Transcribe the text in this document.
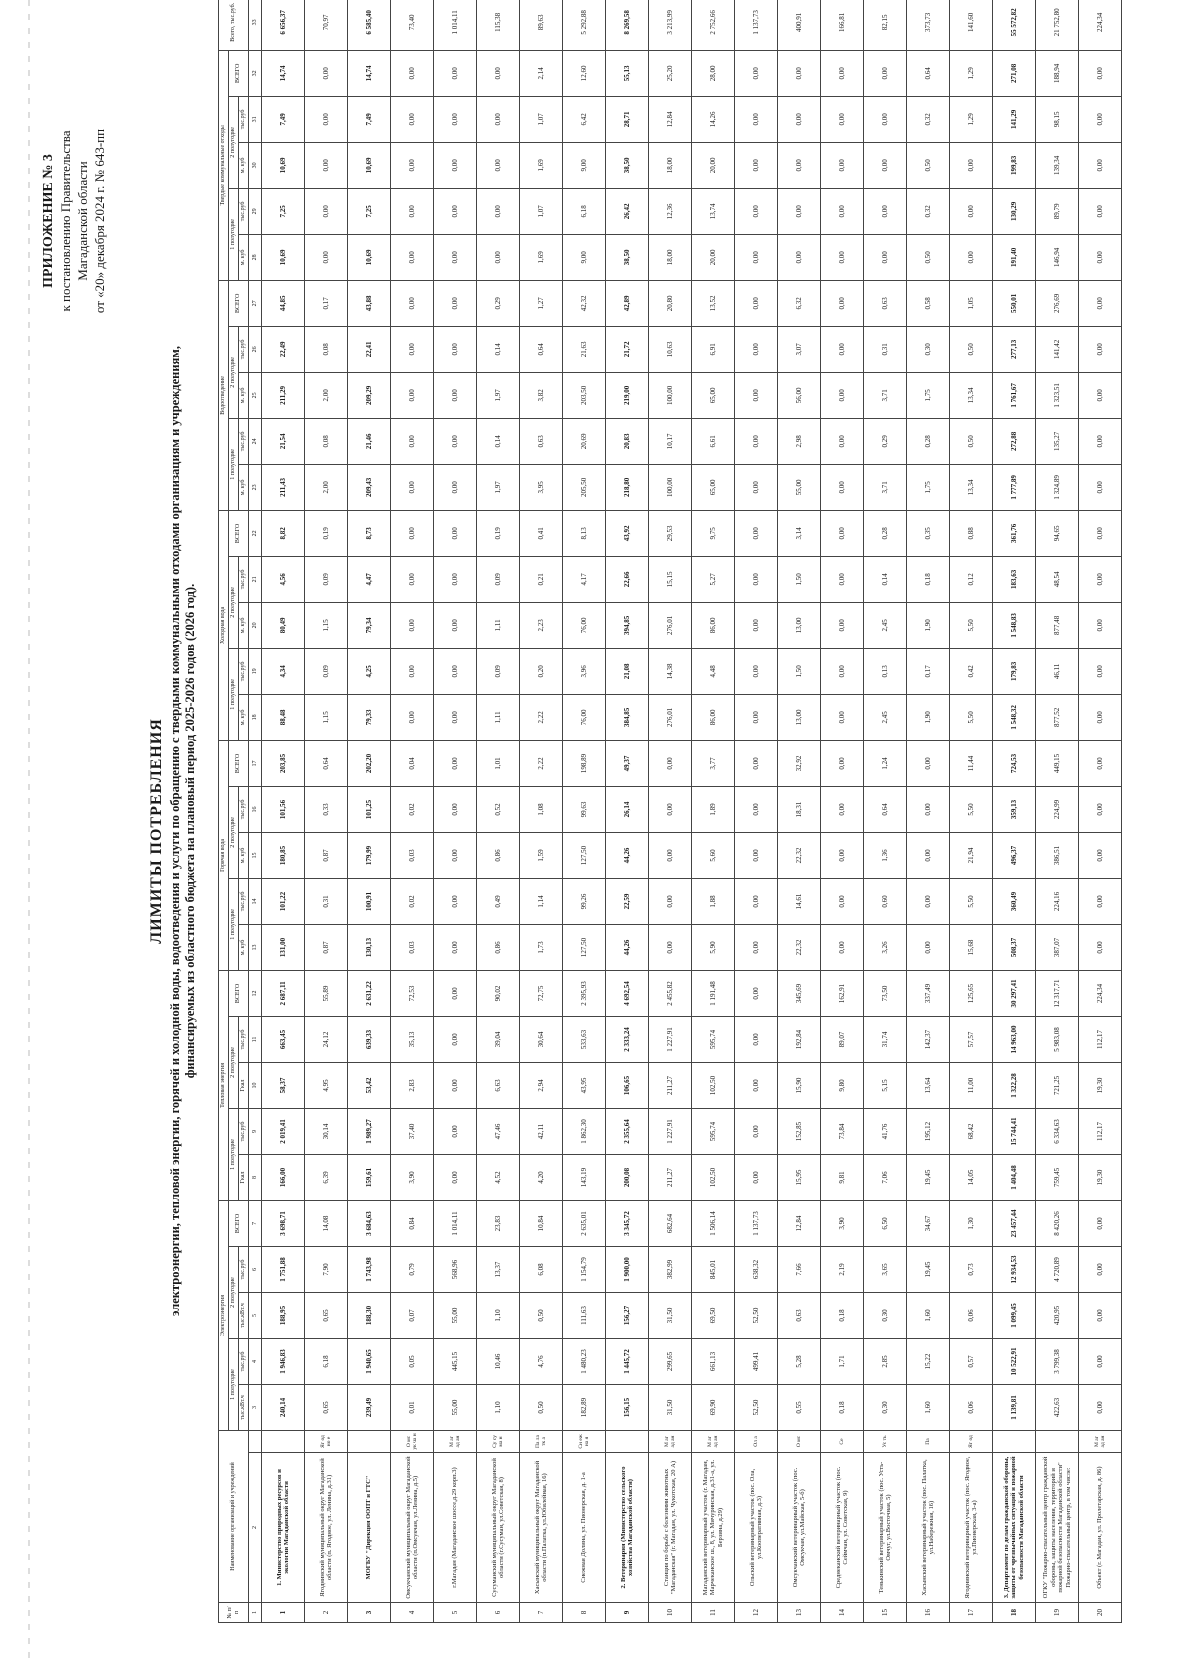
ПРИЛОЖЕНИЕ № 3 к постановлению Правительства Магаданской области от «20» декабря 2024 г. № 643-пп
ЛИМИТЫ ПОТРЕБЛЕНИЯ электроэнергии, тепловой энергии, горячей и холодной воды, водоотведения и услуги по обращению с твердыми коммунальными отходами организациям и учреждениям, финансируемых из областного бюджета на плановый период 2025-2026 годов (2026 год).
№ п/п	Наименование организаций и учреждений		Электроэнергия					Тепловая энергия					Горячая вода					Холодная вода					Водоотведение					Твердые коммунальные отходы					Всего, тыс.руб.
			1 полугодие		2 полугодие		ВСЕГО	1 полугодие		2 полугодие		ВСЕГО	1 полугодие		2 полугодие		ВСЕГО	1 полугодие		2 полугодие		ВСЕГО	1 полугодие		2 полугодие		ВСЕГО	1 полугодие		2 полугодие		ВСЕГО	
			тыс.кВт.ч	тыс.руб	тыс.кВт.ч	тыс.руб		Гкал	тыс.руб	Гкал	тыс.руб		м. куб	тыс.руб	м. куб	тыс.руб		м. куб	тыс.руб	м. куб	тыс.руб		м. куб	тыс.руб	м. куб	тыс.руб		м. куб	тыс.руб	м. куб	тыс.руб		
1	2		3	4	5	6	7	8	9	10	11	12	13	14	15	16	17	18	19	20	21	22	23	24	25	26	27	28	29	30	31	32	33
1	1. Министерство природных ресурсов и экологии Магаданской области		240,14	1 946,83	188,95	1 751,88	3 698,71	166,00	2 019,41	58,37	663,45	2 687,11	131,00	101,22	180,85	101,56	203,85	88,48	4,34	80,49	4,56	8,82	211,43	21,54	211,29	22,49	44,85	10,69	7,25	10,69	7,49	14,74	6 656,37
2	Ягоднинский муниципальный округ Магаданской области (п. Ягодное, ул. Ленина, д.31)	Яг од но е	0,65	6,18	0,65	7,90	14,08	6,39	30,14	4,95	24,12	55,89	0,87	0,31	0,87	0,33	0,64	1,15	0,09	1,15	0,09	0,19	2,00	0,08	2,00	0,08	0,17	0,00	0,00	0,00	0,00	0,00	70,97
3	МОГБУ "Дирекция ООПТ и ГТС"		239,49	1 940,65	188,30	1 743,98	3 684,63	159,61	1 989,27	53,42	639,33	2 631,22	130,13	100,91	179,99	101,25	202,20	79,33	4,25	79,34	4,47	8,73	209,43	21,46	209,29	22,41	43,88	10,69	7,25	10,69	7,49	14,74	6 585,40
4	Омсукчанский муниципальный округ Магаданской области (п.Омсукчан, ул.Ленина, д.5)	О мс ук ча н	0,01	0,05	0,07	0,79	0,84	3,90	37,40	2,83	35,13	72,53	0,03	0,02	0,03	0,02	0,04	0,00	0,00	0,00	0,00	0,00	0,00	0,00	0,00	0,00	0,00	0,00	0,00	0,00	0,00	0,00	73,40
5	г.Магадан (Магаданское шоссе,д.29 корп.3)	М аг ад ан	55,00	445,15	55,00	568,96	1 014,11	0,00	0,00	0,00	0,00	0,00	0,00	0,00	0,00	0,00	0,00	0,00	0,00	0,00	0,00	0,00	0,00	0,00	0,00	0,00	0,00	0,00	0,00	0,00	0,00	0,00	1 014,11
6	Сусуманский муниципальный округ Магаданской области (г.Сусуман, ул.Советская, 8)	Су су ма н	1,10	10,46	1,10	13,37	23,83	4,52	47,46	6,63	39,04	90,02	0,86	0,49	0,86	0,52	1,01	1,11	0,09	1,11	0,09	0,19	1,97	0,14	1,97	0,14	0,29	0,00	0,00	0,00	0,00	0,00	115,38
7	Хасынский муниципальный округ Магаданской области (п.Палатка, ул.Юбилейная, 16)	Па ла тк а	0,50	4,76	0,50	6,08	10,84	4,20	42,11	2,94	30,64	72,75	1,73	1,14	1,59	1,08	2,22	2,22	0,20	2,23	0,21	0,41	3,95	0,63	3,82	0,64	1,27	1,69	1,07	1,69	1,07	2,14	89,63
8	Снежная Долина, ул. Пионерская, д. 1-а	Сн еж на я	182,89	1 480,23	111,63	1 154,79	2 635,01	143,19	1 862,30	43,95	533,63	2 395,93	127,50	99,26	127,50	99,63	198,89	76,00	3,96	76,00	4,17	8,13	205,50	20,69	203,50	21,63	42,32	9,00	6,18	9,00	6,42	12,60	5 292,88
9	2. Ветеринария (Министерство сельского хозяйства Магаданской области)		156,15	1 445,72	156,27	1 900,00	3 345,72	200,08	2 355,64	106,65	2 333,24	4 692,54	44,26	22,59	44,26	26,14	49,37	384,85	21,08	394,85	22,66	43,92	218,80	20,83	219,00	21,72	42,89	38,50	26,42	38,50	28,71	55,13	8 269,58
10	Станция по борьбе с болезнями животных "Магаданская" (г. Магадан, ул. Чукотская, 20 А)	М аг ад ан	31,50	299,65	31,50	382,99	682,64	211,27	1 227,91	211,27	1 227,91	2 455,82	0,00	0,00	0,00	0,00	0,00	276,01	14,38	276,01	15,15	29,53	100,00	10,17	100,00	10,63	20,80	18,00	12,36	18,00	12,84	25,20	3 213,99
11	Магаданский ветеринарный участок (г. Магадан, Марчеканское ш., 8, ул. Мичуринская, д.31-а, ул. Берзина, д.29)	М аг ад ан	69,90	661,13	69,50	845,01	1 506,14	102,50	595,74	102,50	595,74	1 191,48	5,90	1,88	5,60	1,89	3,77	86,00	4,48	86,00	5,27	9,75	65,00	6,61	65,00	6,91	13,52	20,00	13,74	20,00	14,26	28,00	2 752,66
12	Ольский ветеринарный участок (пос. Ола, ул.Кооперативная, д.3)	Ол а	52,50	499,41	52,50	638,32	1 137,73	0,00	0,00	0,00	0,00	0,00	0,00	0,00	0,00	0,00	0,00	0,00	0,00	0,00	0,00	0,00	0,00	0,00	0,00	0,00	0,00	0,00	0,00	0,00	0,00	0,00	1 137,73
13	Омсукчанский ветеринарный участок (пос. Омсукчан, ул.Майская, 5-б)	О мс	0,55	5,28	0,63	7,66	12,84	15,95	152,85	15,90	192,84	345,69	22,32	14,61	22,32	18,31	32,92	13,00	1,50	13,00	1,50	3,14	55,00	2,98	56,00	3,07	6,32	0,00	0,00	0,00	0,00	0,00	400,91
14	Среднеканский ветеринарный участок (пос. Сеймчан, ул. Советская, 9)	Се	0,18	1,71	0,18	2,19	3,90	9,81	73,84	9,80	89,07	162,91	0,00	0,00	0,00	0,00	0,00	0,00	0,00	0,00	0,00	0,00	0,00	0,00	0,00	0,00	0,00	0,00	0,00	0,00	0,00	0,00	166,81
15	Тенькинский ветеринарный участок (пос. Усть-Омчуг, ул.Восточная, 5)	Ус ть	0,30	2,85	0,30	3,65	6,50	7,06	41,76	5,15	31,74	73,50	3,26	0,60	1,36	0,64	1,24	2,45	0,13	2,45	0,14	0,28	3,71	0,29	3,71	0,31	0,63	0,00	0,00	0,00	0,00	0,00	82,15
16	Хасынский ветеринарный участок (пос. Палатка, ул.Набережная, 16)	Па	1,60	15,22	1,60	19,45	34,67	19,45	195,12	13,64	142,37	337,49	0,00	0,00	0,00	0,00	0,00	1,90	0,17	1,90	0,18	0,35	1,75	0,28	1,75	0,30	0,58	0,50	0,32	0,50	0,32	0,64	373,73
17	Ягоднинский ветеринарный участок (пос. Ягодное, ул.Пионерская, 3-а)	Яг од	0,06	0,57	0,06	0,73	1,30	14,05	68,42	11,00	57,57	125,65	15,68	5,50	21,94	5,50	11,44	5,50	0,42	5,50	0,12	0,88	13,34	0,50	13,34	0,50	1,05	0,00	0,00	0,00	1,29	1,29	141,60
18	3. Департамент по делам гражданской обороны, защиты от чрезвычайных ситуаций и пожарной безопасности Магаданской области		1 139,81	10 522,91	1 099,45	12 934,53	23 457,44	1 404,48	15 744,41	1 322,28	14 963,00	30 297,41	508,37	360,49	496,37	359,13	724,53	1 548,32	179,83	1 548,83	183,63	361,76	1 777,89	272,88	1 761,67	277,13	550,01	191,40	130,29	199,83	141,29	271,08	55 572,82
19	ОГКУ "Пожарно-спасательный центр гражданской обороны, защиты населения, территорий и пожарной безопасности Магаданской области" Пожарно-спасательный центр, в том числе:		422,63	3 799,38	420,95	4 720,89	8 420,26	759,45	6 334,63	721,25	5 983,08	12 317,71	387,07	224,16	386,51	224,99	449,15	877,52	46,11	877,48	48,54	94,65	1 324,89	135,27	1 323,51	141,42	276,69	146,94	89,79	139,34	98,15	188,94	21 752,80
20	Объект (г. Магадан, ул. Пролетарская, д. 86)	М аг ад ан	0,00	0,00	0,00	0,00	0,00	19,30	112,17	19,30	112,17	224,34	0,00	0,00	0,00	0,00	0,00	0,00	0,00	0,00	0,00	0,00	0,00	0,00	0,00	0,00	0,00	0,00	0,00	0,00	0,00	0,00	224,34
